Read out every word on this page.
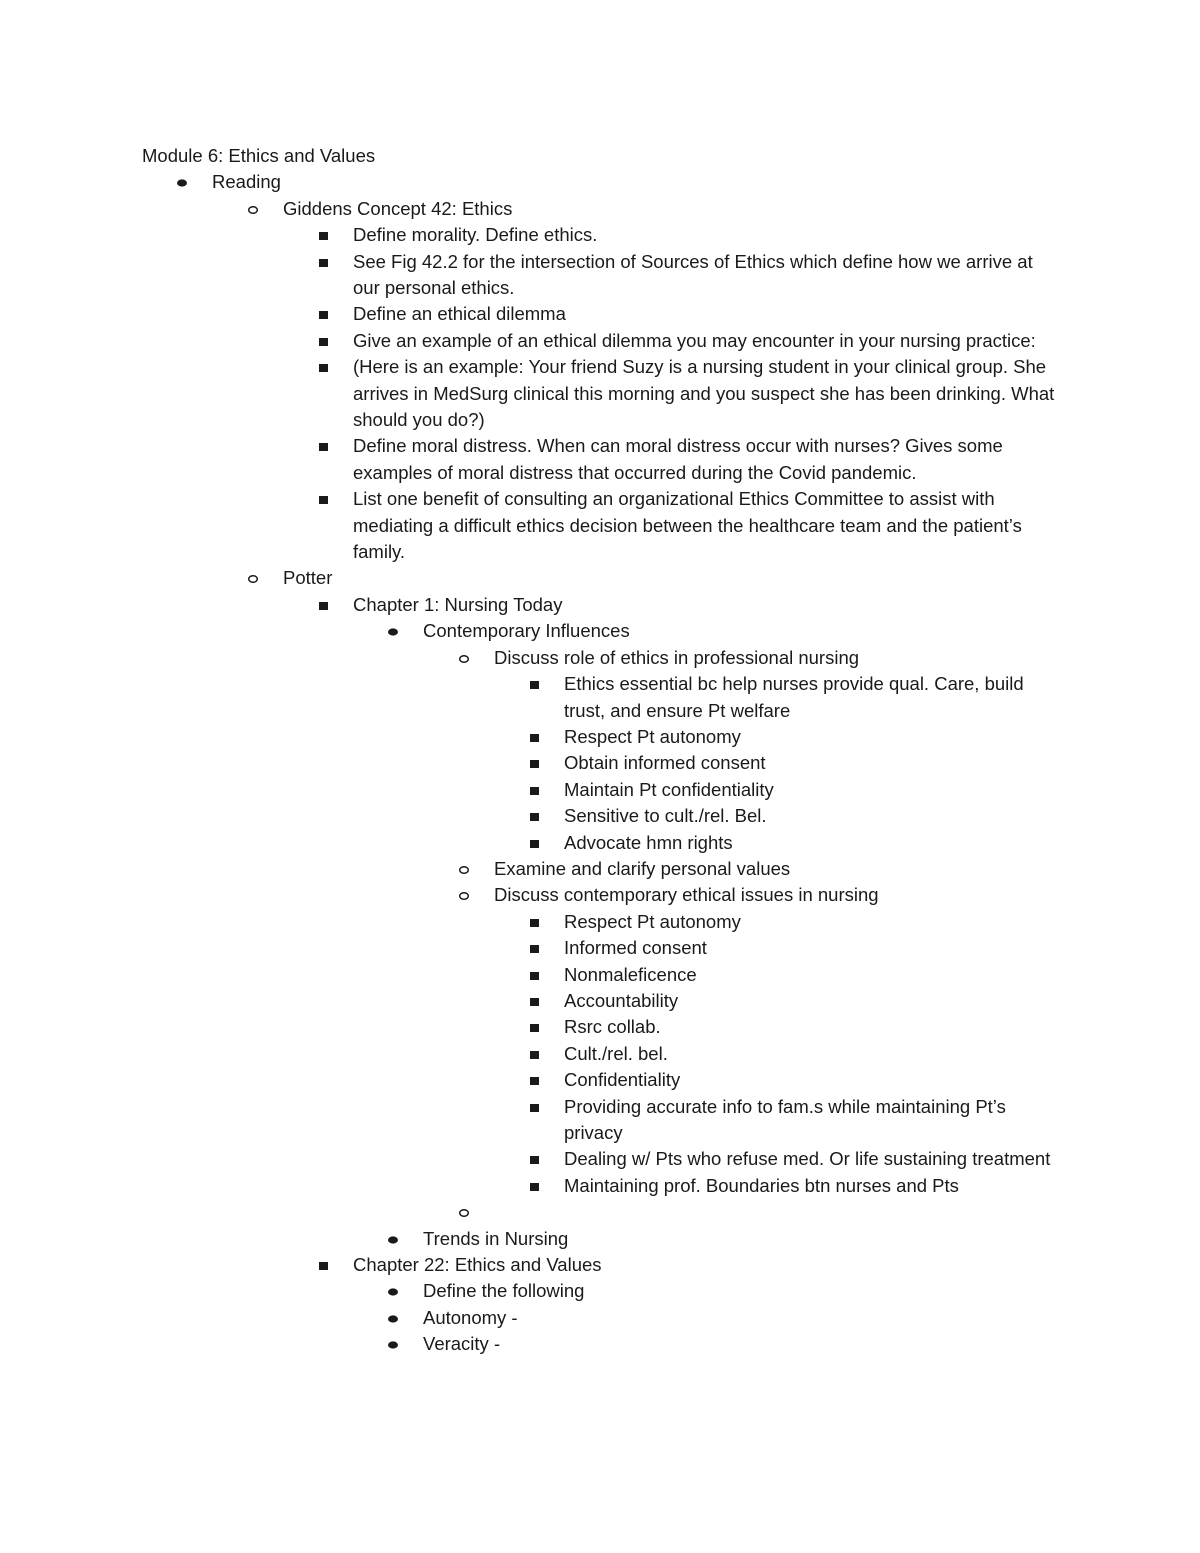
Module 6: Ethics and Values
Reading
Giddens Concept 42: Ethics
Define morality. Define ethics.
See Fig 42.2 for the intersection of Sources of Ethics which define how we arrive at our personal ethics.
Define an ethical dilemma
Give an example of an ethical dilemma you may encounter in your nursing practice:
(Here is an example: Your friend Suzy is a nursing student in your clinical group. She arrives in MedSurg clinical this morning and you suspect she has been drinking. What should you do?)
Define moral distress. When can moral distress occur with nurses? Gives some examples of moral distress that occurred during the Covid pandemic.
List one benefit of consulting an organizational Ethics Committee to assist with mediating a difficult ethics decision between the healthcare team and the patient’s family.
Potter
Chapter 1: Nursing Today
Contemporary Influences
Discuss role of ethics in professional nursing
Ethics essential bc help nurses provide qual. Care, build trust, and ensure Pt welfare
Respect Pt autonomy
Obtain informed consent
Maintain Pt confidentiality
Sensitive to cult./rel. Bel.
Advocate hmn rights
Examine and clarify personal values
Discuss contemporary ethical issues in nursing
Respect Pt autonomy
Informed consent
Nonmaleficence
Accountability
Rsrc collab.
Cult./rel. bel.
Confidentiality
Providing accurate info to fam.s while maintaining Pt’s privacy
Dealing w/ Pts who refuse med. Or life sustaining treatment
Maintaining prof. Boundaries btn nurses and Pts
Trends in Nursing
Chapter 22: Ethics and Values
Define the following
Autonomy -
Veracity -
